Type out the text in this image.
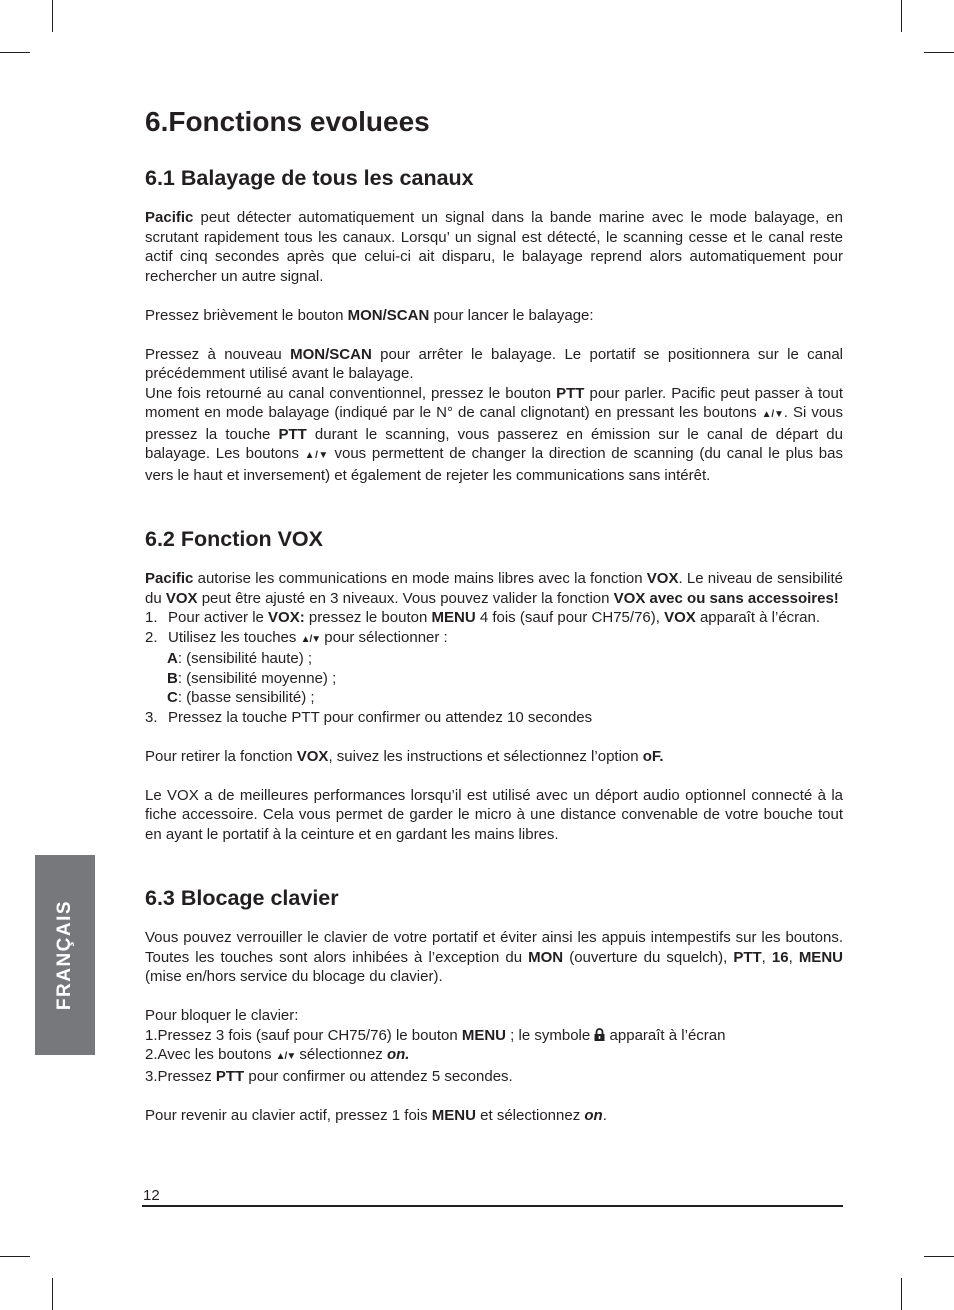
FRANÇAIS
6.Fonctions evoluees
6.1 Balayage de tous les canaux

Pacific peut détecter automatiquement un signal dans la bande marine avec le mode balayage, en scrutant rapidement tous les canaux. Lorsqu’ un signal est détecté, le scanning cesse et le canal reste actif cinq secondes après que celui-ci ait disparu, le balayage reprend alors automatiquement pour rechercher un autre signal.

Pressez brièvement le bouton MON/SCAN pour lancer le balayage:

Pressez à nouveau MON/SCAN pour arrêter le balayage. Le portatif se positionnera sur le canal précédemment utilisé avant le balayage.

Une fois retourné au canal conventionnel, pressez le bouton PTT pour parler. Pacific peut passer à tout moment en mode balayage (indiqué par le N° de canal clignotant) en pressant les boutons ▲/▼. Si vous pressez la touche PTT durant le scanning, vous passerez en émission sur le canal de départ du balayage. Les boutons ▲/▼ vous permettent de changer la direction de scanning (du canal le plus bas vers le haut et inversement) et également de rejeter les communications sans intérêt.

6.2 Fonction VOX

Pacific autorise les communications en mode mains libres avec la fonction VOX. Le niveau de sensibilité du VOX peut être ajusté en 3 niveaux. Vous pouvez valider la fonction VOX avec ou sans accessoires!

1. Pour activer le VOX: pressez le bouton MENU 4 fois (sauf pour CH75/76), VOX apparaît à l’écran.
2. Utilisez les touches ▲/▼ pour sélectionner :
A: (sensibilité haute) ;
B: (sensibilité moyenne) ;
C: (basse sensibilité) ;
3. Pressez la touche PTT pour confirmer ou attendez 10 secondes

Pour retirer la fonction VOX, suivez les instructions et sélectionnez l’option oF.

Le VOX a de meilleures performances lorsqu’il est utilisé avec un déport audio optionnel connecté à la fiche accessoire. Cela vous permet de garder le micro à une distance convenable de votre bouche tout en ayant le portatif à la ceinture et en gardant les mains libres.

6.3 Blocage clavier

Vous pouvez verrouiller le clavier de votre portatif et éviter ainsi les appuis intempestifs sur les boutons. Toutes les touches sont alors inhibées à l’exception du MON (ouverture du squelch), PTT, 16, MENU (mise en/hors service du blocage du clavier).

Pour bloquer le clavier:

1.Pressez 3 fois (sauf pour CH75/76) le bouton MENU ; le symbole  apparaît à l’écran

2.Avec les boutons ▲/▼ sélectionnez on.

3.Pressez PTT pour confirmer ou attendez 5 secondes.

Pour revenir au clavier actif, pressez 1 fois MENU et sélectionnez on.

12
